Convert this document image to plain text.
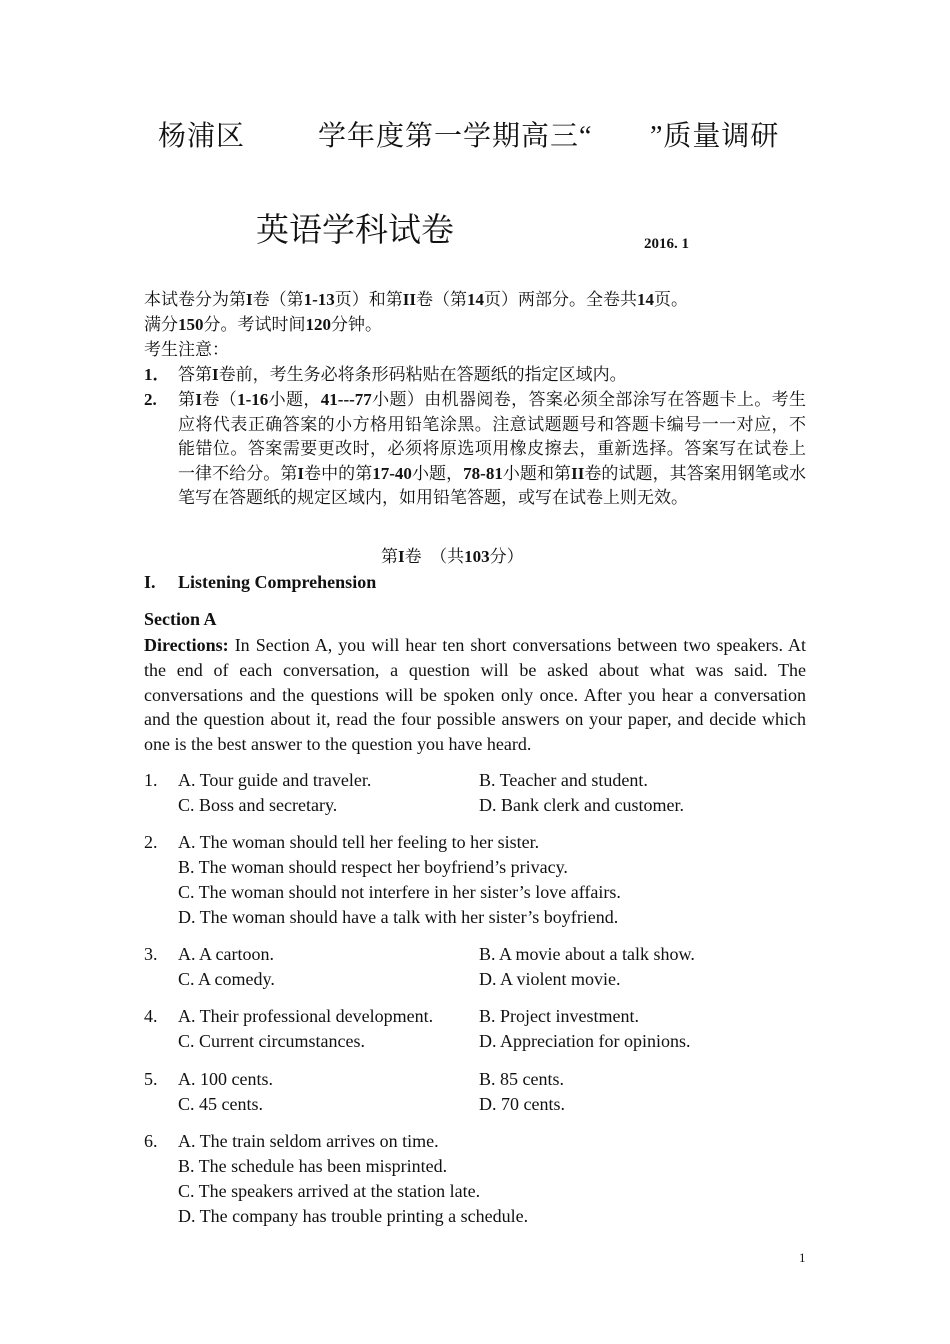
杨浦区	学年度第一学期高三“ ”质量调研
英语学科试卷	2016. 1
本试卷分为第I卷（第1-13页）和第II卷（第14页）两部分。全卷共14页。
满分150分。考试时间120分钟。
考生注意：
1． 答第I卷前，考生务必将条形码粘贴在答题纸的指定区域内。
2. 第I卷（1-16小题，41---77小题）由机器阅卷，答案必须全部涂写在答题卡上。考生应将代表正确答案的小方格用铅笔涂黑。注意试题题号和答题卡编号一一对应，不能错位。答案需要更改时，必须将原选项用橡皮擦去，重新选择。答案写在试卷上一律不给分。第I卷中的第17-40小题，78-81小题和第II卷的试题，其答案用钢笔或水笔写在答题纸的规定区域内，如用铅笔答题，或写在试卷上则无效。
第I卷　（共103分）
I. Listening Comprehension
Section A
Directions: In Section A, you will hear ten short conversations between two speakers. At the end of each conversation, a question will be asked about what was said. The conversations and the questions will be spoken only once. After you hear a conversation and the question about it, read the four possible answers on your paper, and decide which one is the best answer to the question you have heard.
1. A. Tour guide and traveler.	B. Teacher and student.
C. Boss and secretary.	D. Bank clerk and customer.
2. A. The woman should tell her feeling to her sister.
B. The woman should respect her boyfriend’s privacy.
C. The woman should not interfere in her sister’s love affairs.
D. The woman should have a talk with her sister’s boyfriend.
3. A. A cartoon.	B. A movie about a talk show.
C. A comedy.	D. A violent movie.
4. A. Their professional development.	B. Project investment.
C. Current circumstances.	D. Appreciation for opinions.
5. A. 100 cents.	B. 85 cents.
C. 45 cents.	D. 70 cents.
6. A. The train seldom arrives on time.
B. The schedule has been misprinted.
C. The speakers arrived at the station late.
D. The company has trouble printing a schedule.
1
